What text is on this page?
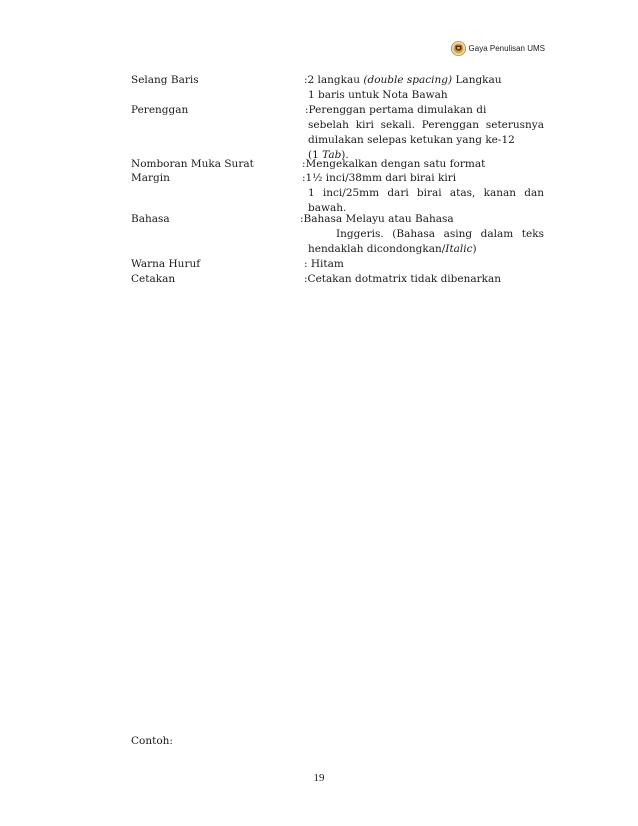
Gaya Penulisan UMS
Selang Baris	:2 langkau (double spacing) Langkau
1 baris untuk Nota Bawah
Perenggan	:Perenggan pertama dimulakan di
sebelah kiri sekali. Perenggan seterusnya
dimulakan selepas ketukan yang ke-12
(1 Tab).
Nomboran Muka Surat	:Mengekalkan dengan satu format
Margin	:1½ inci/38mm dari birai kiri
1 inci/25mm dari birai atas, kanan dan
bawah.
Bahasa	:Bahasa Melayu atau Bahasa
Inggeris. (Bahasa asing dalam teks
hendaklah dicondongkan/Italic)
Warna Huruf	: Hitam
Cetakan	:Cetakan dotmatrix tidak dibenarkan
Contoh:
19
